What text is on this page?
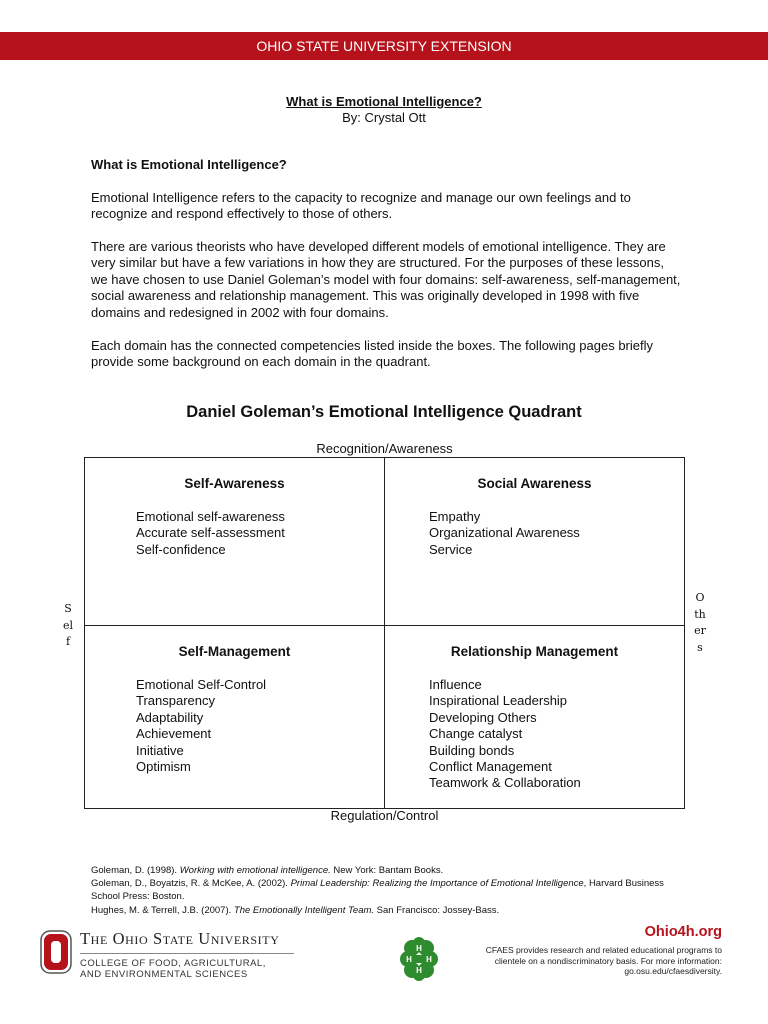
OHIO STATE UNIVERSITY EXTENSION
What is Emotional Intelligence?
By: Crystal Ott
What is Emotional Intelligence?

Emotional Intelligence refers to the capacity to recognize and manage our own feelings and to recognize and respond effectively to those of others.

There are various theorists who have developed different models of emotional intelligence. They are very similar but have a few variations in how they are structured. For the purposes of these lessons, we have chosen to use Daniel Goleman’s model with four domains: self-awareness, self-management, social awareness and relationship management. This was originally developed in 1998 with five domains and redesigned in 2002 with four domains.

Each domain has the connected competencies listed inside the boxes. The following pages briefly provide some background on each domain in the quadrant.

Daniel Goleman’s Emotional Intelligence Quadrant
Recognition/Awareness
Self-Awareness
Emotional self-awareness
Accurate self-assessment
Self-confidence
Social Awareness
Empathy
Organizational Awareness
Service
Self-Management
Emotional Self-Control
Transparency
Adaptability
Achievement
Initiative
Optimism
Relationship Management
Influence
Inspirational Leadership
Developing Others
Change catalyst
Building bonds
Conflict Management
Teamwork & Collaboration
Regulation/Control
Self
Others

Goleman, D. (1998). Working with emotional intelligence. New York: Bantam Books.

Goleman, D., Boyatzis, R. & McKee, A. (2002). Primal Leadership: Realizing the Importance of Emotional Intelligence, Harvard Business School Press: Boston.

Hughes, M. & Terrell, J.B. (2007). The Emotionally Intelligent Team. San Francisco: Jossey-Bass.

The Ohio State University
COLLEGE OF FOOD, AGRICULTURAL,
AND ENVIRONMENTAL SCIENCES
H
H
H H
Ohio4h.org
CFAES provides research and related educational programs to clientele on a nondiscriminatory basis. For more information: go.osu.edu/cfaesdiversity.
